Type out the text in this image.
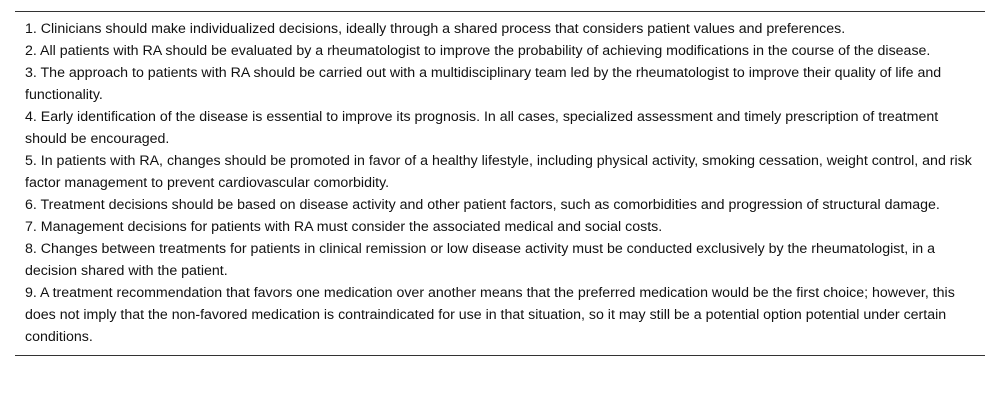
1. Clinicians should make individualized decisions, ideally through a shared process that considers patient values and preferences.

2. All patients with RA should be evaluated by a rheumatologist to improve the probability of achieving modifications in the course of the disease.

3. The approach to patients with RA should be carried out with a multidisciplinary team led by the rheumatologist to improve their quality of life and functionality.

4. Early identification of the disease is essential to improve its prognosis. In all cases, specialized assessment and timely prescription of treatment should be encouraged.

5. In patients with RA, changes should be promoted in favor of a healthy lifestyle, including physical activity, smoking cessation, weight control, and risk factor management to prevent cardiovascular comorbidity.

6. Treatment decisions should be based on disease activity and other patient factors, such as comorbidities and progression of structural damage.

7. Management decisions for patients with RA must consider the associated medical and social costs.

8. Changes between treatments for patients in clinical remission or low disease activity must be conducted exclusively by the rheumatologist, in a decision shared with the patient.

9. A treatment recommendation that favors one medication over another means that the preferred medication would be the first choice; however, this does not imply that the non-favored medication is contraindicated for use in that situation, so it may still be a potential option potential under certain conditions.
